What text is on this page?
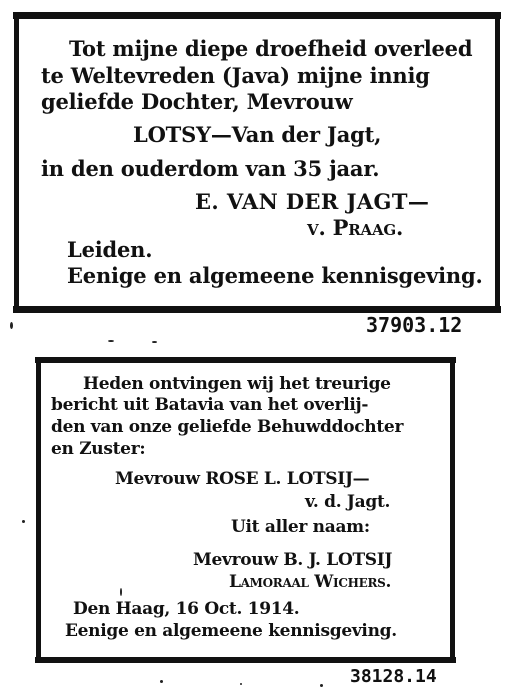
Tot mijne diepe droefheid overleed
te Weltevreden (Java) mijne innig
geliefde Dochter, Mevrouw
LOTSY—Van der Jagt,
in den ouderdom van 35 jaar.
E. VAN DER JAGT—
v. Praag.
Leiden.
Eenige en algemeene kennisgeving.
37903.12
Heden ontvingen wij het treurige
bericht uit Batavia van het overlij-
den van onze geliefde Behuwddochter
en Zuster:
Mevrouw ROSE L. LOTSIJ—
v. d. Jagt.
Uit aller naam:
Mevrouw B. J. LOTSIJ
Lamoraal Wichers.
Den Haag, 16 Oct. 1914.
Eenige en algemeene kennisgeving.
38128.14
